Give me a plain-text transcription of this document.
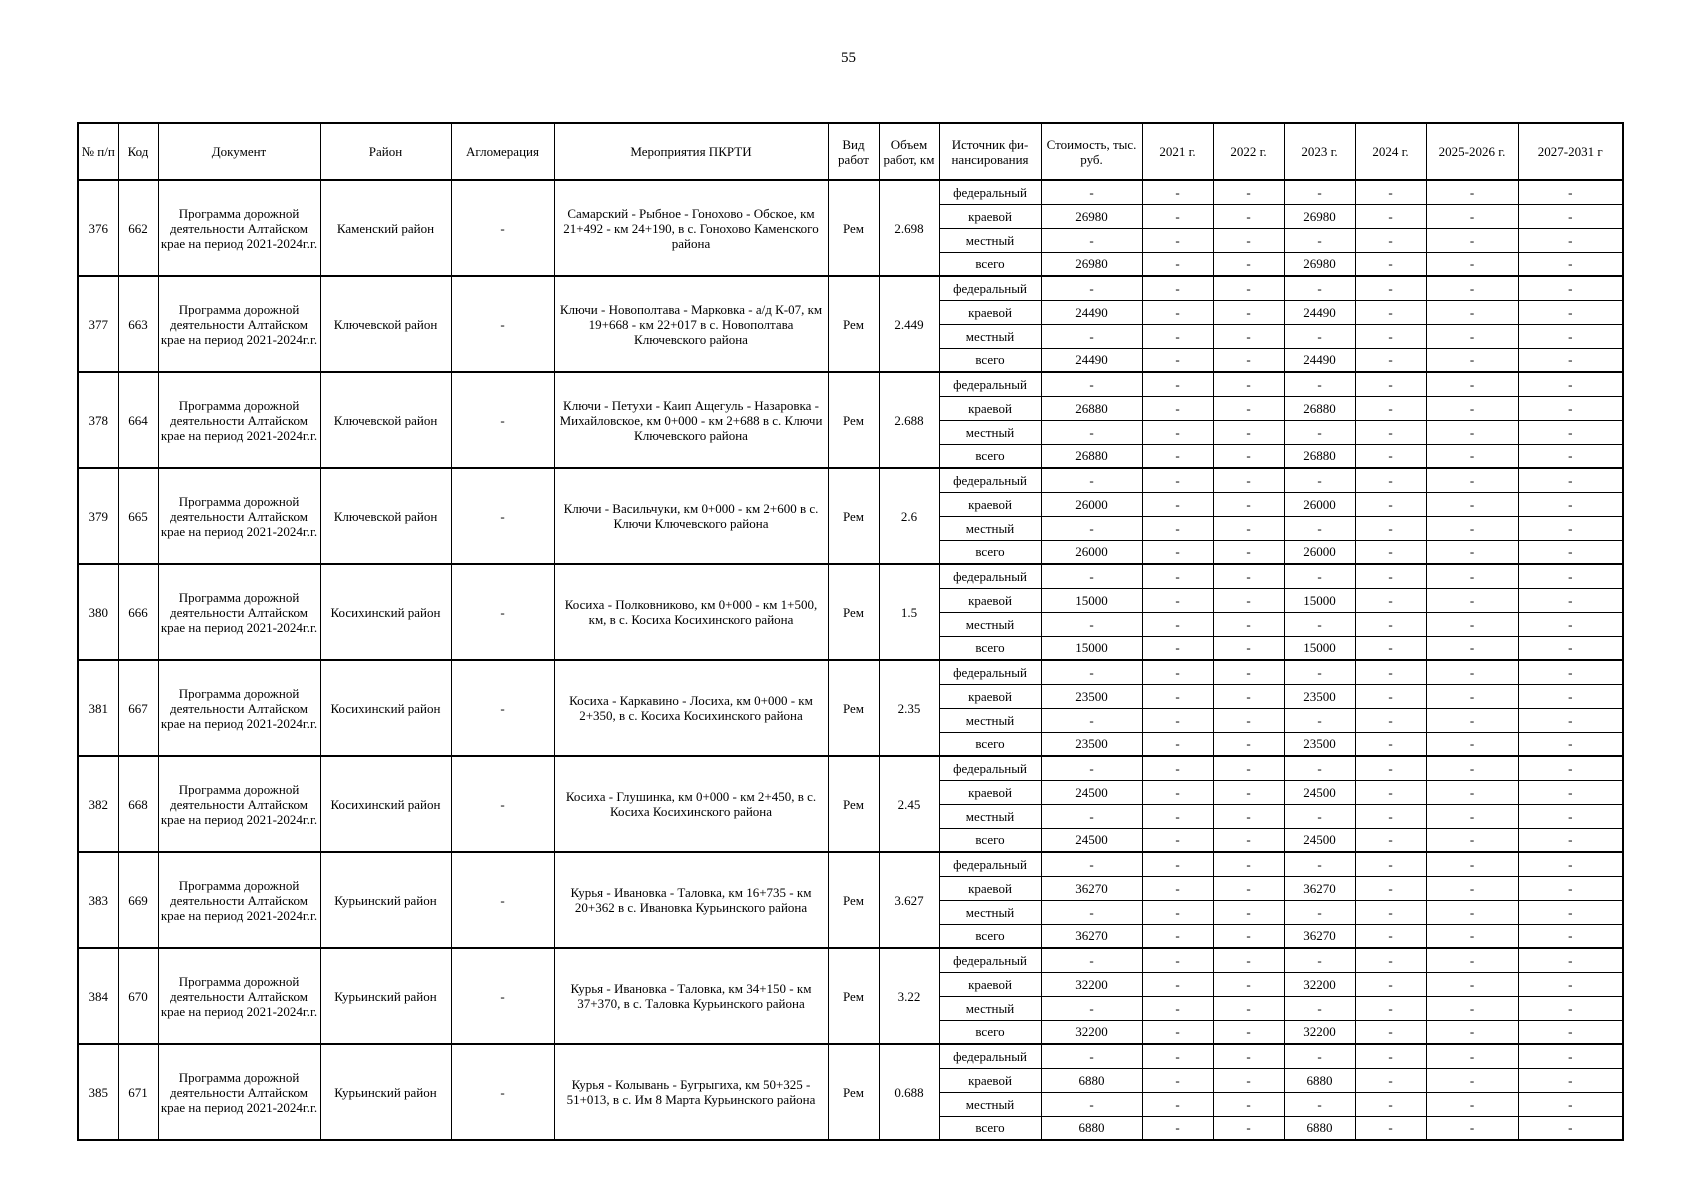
55
№ п/п	Код	Документ	Район	Агломерация	Мероприятия ПКРТИ	Вид работ	Объем работ, км	Источник фи-нансирования	Стоимость, тыс. руб.	2021 г.	2022 г.	2023 г.	2024 г.	2025-2026 г.	2027-2031 г
376	662	Программа дорожной деятельности Алтайском крае на период 2021-2024г.г.	Каменский район	-	Самарский - Рыбное - Гонохово - Обское, км 21+492 - км 24+190, в с. Гонохово Каменского района	Рем	2.698	федеральный	-	-	-	-	-	-	-
								краевой	26980	-	-	26980	-	-	-
								местный	-	-	-	-	-	-	-
								всего	26980	-	-	26980	-	-	-
377	663	Программа дорожной деятельности Алтайском крае на период 2021-2024г.г.	Ключевской район	-	Ключи - Новополтава - Марковка - а/д К-07, км 19+668 - км 22+017 в с. Новополтава Ключевского района	Рем	2.449	федеральный	-	-	-	-	-	-	-
								краевой	24490	-	-	24490	-	-	-
								местный	-	-	-	-	-	-	-
								всего	24490	-	-	24490	-	-	-
378	664	Программа дорожной деятельности Алтайском крае на период 2021-2024г.г.	Ключевской район	-	Ключи - Петухи - Каип Ащегуль - Назаровка - Михайловское, км 0+000 - км 2+688 в с. Ключи Ключевского района	Рем	2.688	федеральный	-	-	-	-	-	-	-
								краевой	26880	-	-	26880	-	-	-
								местный	-	-	-	-	-	-	-
								всего	26880	-	-	26880	-	-	-
379	665	Программа дорожной деятельности Алтайском крае на период 2021-2024г.г.	Ключевской район	-	Ключи - Васильчуки, км 0+000 - км 2+600 в с. Ключи Ключевского района	Рем	2.6	федеральный	-	-	-	-	-	-	-
								краевой	26000	-	-	26000	-	-	-
								местный	-	-	-	-	-	-	-
								всего	26000	-	-	26000	-	-	-
380	666	Программа дорожной деятельности Алтайском крае на период 2021-2024г.г.	Косихинский район	-	Косиха - Полковниково, км 0+000 - км 1+500, км, в с. Косиха Косихинского района	Рем	1.5	федеральный	-	-	-	-	-	-	-
								краевой	15000	-	-	15000	-	-	-
								местный	-	-	-	-	-	-	-
								всего	15000	-	-	15000	-	-	-
381	667	Программа дорожной деятельности Алтайском крае на период 2021-2024г.г.	Косихинский район	-	Косиха - Каркавино - Лосиха, км 0+000 - км 2+350, в с. Косиха Косихинского района	Рем	2.35	федеральный	-	-	-	-	-	-	-
								краевой	23500	-	-	23500	-	-	-
								местный	-	-	-	-	-	-	-
								всего	23500	-	-	23500	-	-	-
382	668	Программа дорожной деятельности Алтайском крае на период 2021-2024г.г.	Косихинский район	-	Косиха - Глушинка, км 0+000 - км 2+450, в с. Косиха Косихинского района	Рем	2.45	федеральный	-	-	-	-	-	-	-
								краевой	24500	-	-	24500	-	-	-
								местный	-	-	-	-	-	-	-
								всего	24500	-	-	24500	-	-	-
383	669	Программа дорожной деятельности Алтайском крае на период 2021-2024г.г.	Курьинский район	-	Курья - Ивановка - Таловка, км 16+735 - км 20+362 в с. Ивановка Курьинского района	Рем	3.627	федеральный	-	-	-	-	-	-	-
								краевой	36270	-	-	36270	-	-	-
								местный	-	-	-	-	-	-	-
								всего	36270	-	-	36270	-	-	-
384	670	Программа дорожной деятельности Алтайском крае на период 2021-2024г.г.	Курьинский район	-	Курья - Ивановка - Таловка, км 34+150 - км 37+370, в с. Таловка Курьинского района	Рем	3.22	федеральный	-	-	-	-	-	-	-
								краевой	32200	-	-	32200	-	-	-
								местный	-	-	-	-	-	-	-
								всего	32200	-	-	32200	-	-	-
385	671	Программа дорожной деятельности Алтайском крае на период 2021-2024г.г.	Курьинский район	-	Курья - Колывань - Бугрыгиха, км 50+325 - 51+013, в с. Им 8 Марта Курьинского района	Рем	0.688	федеральный	-	-	-	-	-	-	-
								краевой	6880	-	-	6880	-	-	-
								местный	-	-	-	-	-	-	-
								всего	6880	-	-	6880	-	-	-
